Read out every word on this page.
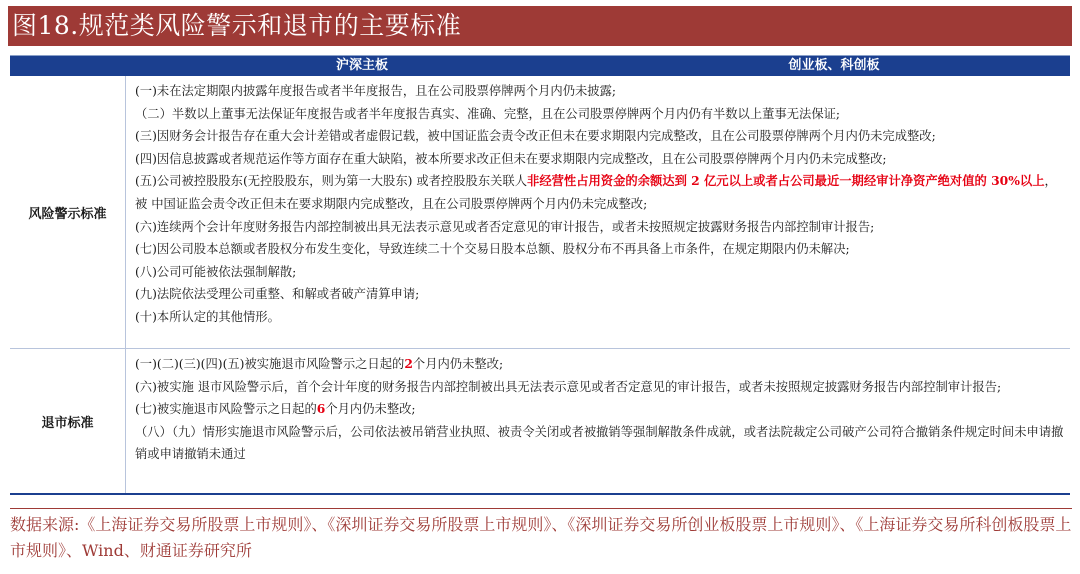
图18.规范类风险警示和退市的主要标准
沪深主板	创业板、科创板
风险警示标准
(一)未在法定期限内披露年度报告或者半年度报告，且在公司股票停牌两个月内仍未披露;
（二）半数以上董事无法保证年度报告或者半年度报告真实、准确、完整，且在公司股票停牌两个月内仍有半数以上董事无法保证;
(三)因财务会计报告存在重大会计差错或者虚假记载，被中国证监会责令改正但未在要求期限内完成整改，且在公司股票停牌两个月内仍未完成整改;
(四)因信息披露或者规范运作等方面存在重大缺陷，被本所要求改正但未在要求期限内完成整改，且在公司股票停牌两个月内仍未完成整改;
(五)公司被控股股东(无控股股东，则为第一大股东) 或者控股股东关联人非经营性占用资金的余额达到 2 亿元以上或者占公司最近一期经审计净资产绝对值的 30%以上，被 中国证监会责令改正但未在要求期限内完成整改，且在公司股票停牌两个月内仍未完成整改;
(六)连续两个会计年度财务报告内部控制被出具无法表示意见或者否定意见的审计报告，或者未按照规定披露财务报告内部控制审计报告;
(七)因公司股本总额或者股权分布发生变化，导致连续二十个交易日股本总额、股权分布不再具备上市条件，在规定期限内仍未解决;
(八)公司可能被依法强制解散;
(九)法院依法受理公司重整、和解或者破产清算申请;
(十)本所认定的其他情形。
退市标准
(一)(二)(三)(四)(五)被实施退市风险警示之日起的2个月内仍未整改;
(六)被实施 退市风险警示后，首个会计年度的财务报告内部控制被出具无法表示意见或者否定意见的审计报告，或者未按照规定披露财务报告内部控制审计报告;
(七)被实施退市风险警示之日起的6个月内仍未整改;
（八）（九）情形实施退市风险警示后，公司依法被吊销营业执照、被责令关闭或者被撤销等强制解散条件成就，或者法院裁定公司破产公司符合撤销条件规定时间未申请撤销或申请撤销未通过
数据来源:《上海证券交易所股票上市规则》、《深圳证券交易所股票上市规则》、《深圳证券交易所创业板股票上市规则》、《上海证券交易所科创板股票上市规则》、Wind、财通证券研究所
